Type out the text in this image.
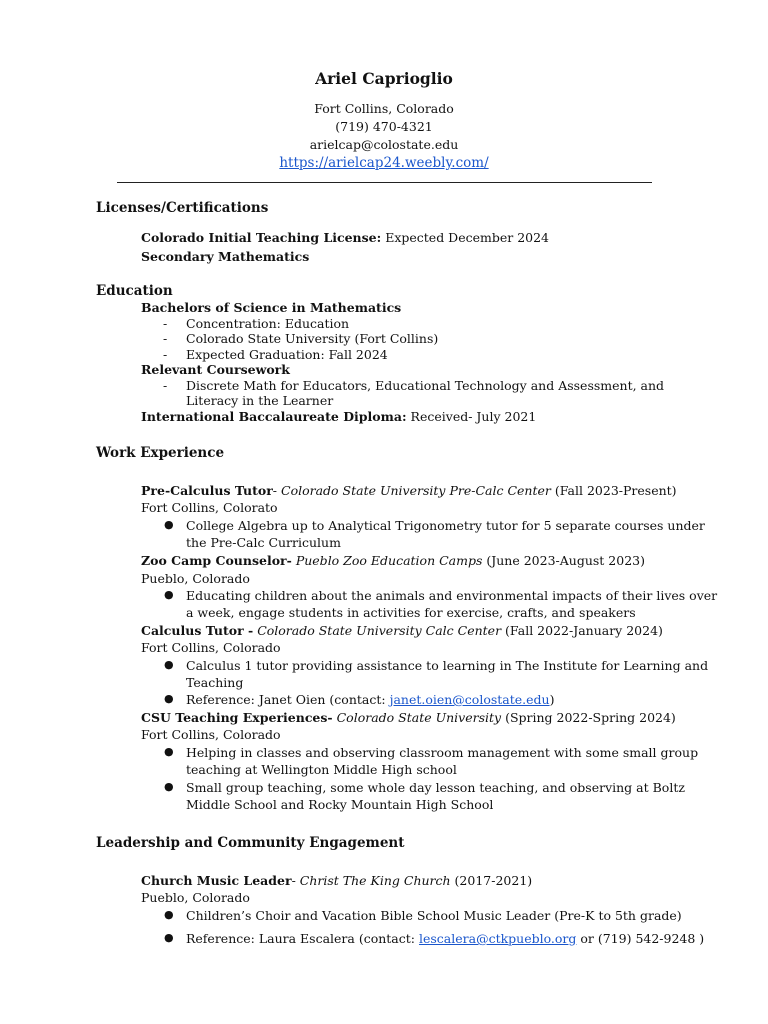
Ariel Caprioglio
Fort Collins, Colorado
(719) 470-4321
arielcap@colostate.edu
https://arielcap24.weebly.com/
Licenses/Certifications
Colorado Initial Teaching License: Expected December 2024
Secondary Mathematics
Education
Bachelors of Science in Mathematics
- Concentration: Education
- Colorado State University (Fort Collins)
- Expected Graduation: Fall 2024
Relevant Coursework
- Discrete Math for Educators, Educational Technology and Assessment, and
Literacy in the Learner
International Baccalaureate Diploma: Received- July 2021
Work Experience
Pre-Calculus Tutor- Colorado State University Pre-Calc Center (Fall 2023-Present)
Fort Collins, Colorato
● College Algebra up to Analytical Trigonometry tutor for 5 separate courses under
the Pre-Calc Curriculum
Zoo Camp Counselor- Pueblo Zoo Education Camps (June 2023-August 2023)
Pueblo, Colorado
● Educating children about the animals and environmental impacts of their lives over
a week, engage students in activities for exercise, crafts, and speakers
Calculus Tutor - Colorado State University Calc Center (Fall 2022-January 2024)
Fort Collins, Colorado
● Calculus 1 tutor providing assistance to learning in The Institute for Learning and
Teaching
● Reference: Janet Oien (contact: janet.oien@colostate.edu)
CSU Teaching Experiences- Colorado State University (Spring 2022-Spring 2024)
Fort Collins, Colorado
● Helping in classes and observing classroom management with some small group
teaching at Wellington Middle High school
● Small group teaching, some whole day lesson teaching, and observing at Boltz
Middle School and Rocky Mountain High School
Leadership and Community Engagement
Church Music Leader- Christ The King Church (2017-2021)
Pueblo, Colorado
● Children’s Choir and Vacation Bible School Music Leader (Pre-K to 5th grade)
● Reference: Laura Escalera (contact: lescalera@ctkpueblo.org or (719) 542-9248 )
